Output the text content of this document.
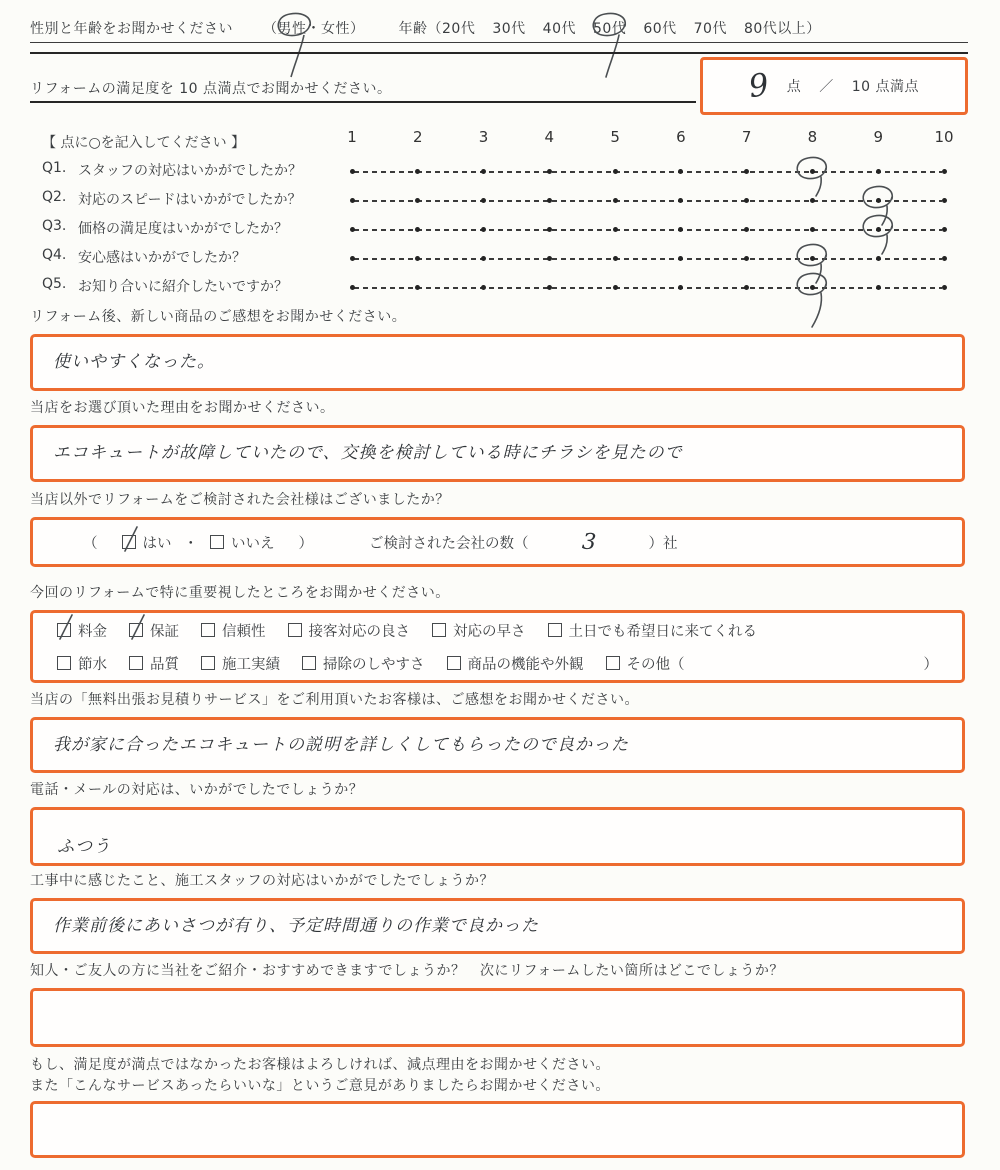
性別と年齢をお聞かせください （ 男性 ・ 女性 ） 年齢（ 20代 30代 40代 50代 60代 70代 80代以上 ）
リフォームの満足度を 10 点満点でお聞かせください。	9 点 ／ 10 点満点
【 点に○を記入してください 】	1	2	3	4	5	6	7	8	9	10
Q1. スタッフの対応はいかがでしたか？
Q2. 対応のスピードはいかがでしたか？
Q3. 価格の満足度はいかがでしたか？
Q4. 安心感はいかがでしたか？
Q5. お知り合いに紹介したいですか？
リフォーム後、新しい商品のご感想をお聞かせください。
使いやすくなった。
当店をお選び頂いた理由をお聞かせください。
エコキュートが故障していたので、交換を検討している時にチラシを見たので
当店以外でリフォームをご検討された会社様はございましたか？
（	はい ・ いいえ ）	ご検討された会社の数（	3	）社
今回のリフォームで特に重要視したところをお聞かせください。
料金	保証	信頼性	接客対応の良さ	対応の早さ	土日でも希望日に来てくれる
節水	品質	施工実績	掃除のしやすさ	商品の機能や外観	その他（	）
当店の「無料出張お見積りサービス」をご利用頂いたお客様は、ご感想をお聞かせください。
我が家に合ったエコキュートの説明を詳しくしてもらったので良かった
電話・メールの対応は、いかがでしたでしょうか？
ふつう
工事中に感じたこと、施工スタッフの対応はいかがでしたでしょうか？
作業前後にあいさつが有り、予定時間通りの作業で良かった
知人・ご友人の方に当社をご紹介・おすすめできますでしょうか？　次にリフォームしたい箇所はどこでしょうか？
もし、満足度が満点ではなかったお客様はよろしければ、減点理由をお聞かせください。
また「こんなサービスあったらいいな」というご意見がありましたらお聞かせください。
